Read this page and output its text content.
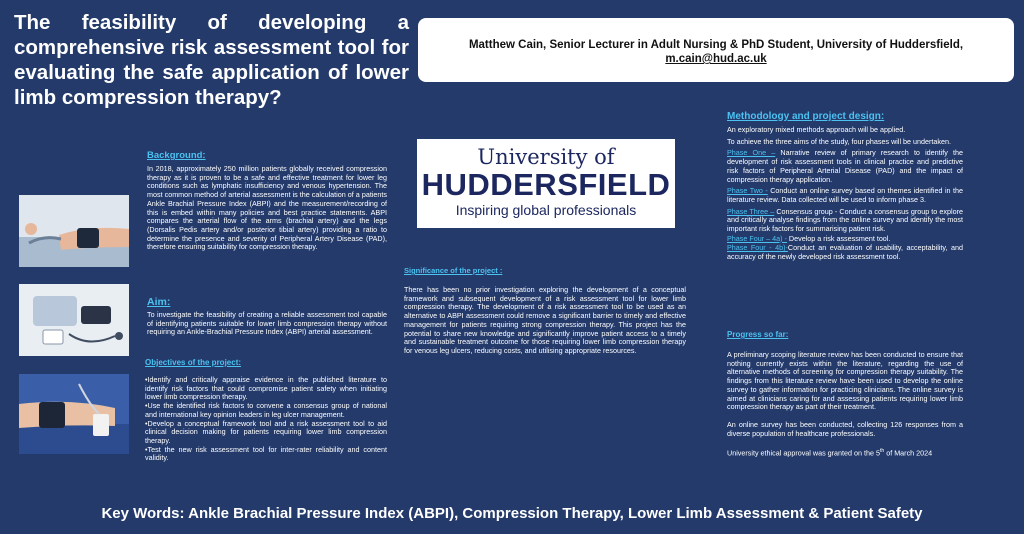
The feasibility of developing a comprehensive risk assessment tool for evaluating the safe application of lower limb compression therapy?
Matthew Cain, Senior Lecturer in Adult Nursing & PhD Student, University of Huddersfield,
m.cain@hud.ac.uk
University of
HUDDERSFIELD
Inspiring global professionals
Background:

In 2018, approximately 250 million patients globally received compression therapy as it is proven to be a safe and effective treatment for lower leg conditions such as lymphatic insufficiency and venous hypertension. The most common method of arterial assessment is the calculation of a patients Ankle Brachial Pressure Index (ABPI) and the measurement/recording of this is embed within many policies and best practice statements. ABPI compares the arterial flow of the arms (brachial artery) and the legs (Dorsalis Pedis artery and/or posterior tibial artery) providing a ratio to determine the presence and severity of Peripheral Artery Disease (PAD), therefore ensuring suitability for compression therapy.

Aim:

To investigate the feasibility of creating a reliable assessment tool capable of identifying patients suitable for lower limb compression therapy without requiring an Ankle-Brachial Pressure Index (ABPI) arterial assessment.

Objectives of the project:

•Identify and critically appraise evidence in the published literature to identify risk factors that could compromise patient safety when initiating lower limb compression therapy.

•Use the identified risk factors to convene a consensus group of national and international key opinion leaders in leg ulcer management.

•Develop a conceptual framework tool and a risk assessment tool to aid clinical decision making for patients requiring lower limb compression therapy.

•Test the new risk assessment tool for inter-rater reliability and content validity.

Significance of the project :

There has been no prior investigation exploring the development of a conceptual framework and subsequent development of a risk assessment tool for lower limb compression therapy. The development of a risk assessment tool to be used as an alternative to ABPI assessment could remove a significant barrier to timely and effective management for patients requiring strong compression therapy. This project has the potential to share new knowledge and significantly improve patient access to a timely and sustainable treatment outcome for those requiring lower limb compression therapy for venous leg ulcers, reducing costs, and utilising appropriate resources.

Methodology and project design:

An exploratory mixed methods approach will be applied.

To achieve the three aims of the study, four phases will be undertaken.

Phase One – Narrative review of primary research to identify the development of risk assessment tools in clinical practice and predictive risk factors of Peripheral Arterial Disease (PAD) and the impact of compression therapy application.

Phase Two - Conduct an online survey based on themes identified in the literature review. Data collected will be used to inform phase 3.

Phase Three – Consensus group - Conduct a consensus group to explore and critically analyse findings from the online survey and identify the most important risk factors for summarising patient risk.

Phase Four – 4a) - Develop a risk assessment tool.

Phase Four - 4b)-Conduct an evaluation of usability, acceptability, and accuracy of the newly developed risk assessment tool.

Progress so far:

A preliminary scoping literature review has been conducted to ensure that nothing currently exists within the literature, regarding the use of alternative methods of screening for compression therapy suitability. The findings from this literature review have been used to develop the online survey to gather information for practicing clinicians. The online survey is aimed at clinicians caring for and assessing patients requiring lower limb compression therapy as part of their treatment.

An online survey has been conducted, collecting 126 responses from a diverse population of healthcare professionals.

University ethical approval was granted on the 5th of March 2024

Key Words: Ankle Brachial Pressure Index (ABPI), Compression Therapy, Lower Limb Assessment & Patient Safety
